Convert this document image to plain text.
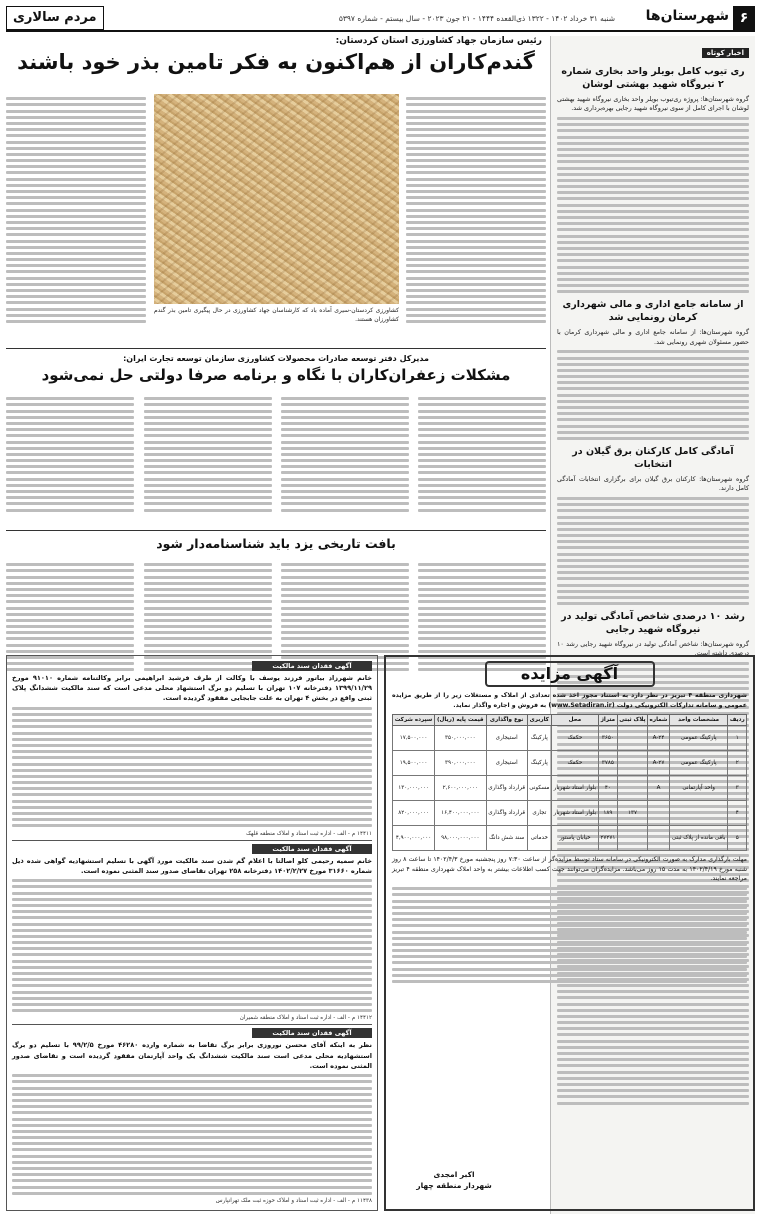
۶
شهرستان‌ها
شنبه ۳۱ خرداد ۱۴۰۲ - ۱۳۲۲ ذی‌القعده ۱۴۴۴ - ۲۱ جون ۲۰۲۳ - سال بیستم - شماره ۵۳۹۷
مردم سالاری
اخبار کوتاه
ری تیوب کامل بویلر واحد بخاری شماره ۲ نیروگاه شهید بهشتی لوشان

گروه شهرستان‌ها: پروژه ری‌تیوب بویلر واحد بخاری نیروگاه شهید بهشتی لوشان با اجرای کامل از سوی نیروگاه شهید رجایی بهره‌برداری شد.

از سامانه جامع اداری و مالی شهرداری کرمان رونمایی شد

گروه شهرستان‌ها: از سامانه جامع اداری و مالی شهرداری کرمان با حضور مسئولان شهری رونمایی شد.

آمادگی کامل کارکنان برق گیلان در انتخابات

گروه شهرستان‌ها: کارکنان برق گیلان برای برگزاری انتخابات آمادگی کامل دارند.

رشد ۱۰ درصدی شاخص آمادگی تولید در نیروگاه شهید رجایی

گروه شهرستان‌ها: شاخص آمادگی تولید در نیروگاه شهید رجایی رشد ۱۰ درصدی داشته است.

رئیس سازمان جهاد کشاورزی استان کردستان:
گندم‌کاران از هم‌اکنون به فکر تامین بذر خود باشند
کشاورزی کردستان-سیری آماده باد که کارشناسان جهاد کشاورزی در حال پیگیری تامین بذر گندم کشاورزان هستند.
مدیرکل دفتر توسعه صادرات محصولات کشاورزی سازمان توسعه تجارت ایران:
مشکلات زعفران‌کاران با نگاه و برنامه صرفا دولتی حل نمی‌شود
بافت تاریخی یزد باید شناسنامه‌دار شود
آگهی فقدان سند مالکیت
خانم شهرزاد بیاتور فرزند یوسف با وکالت از طرف فرشید ابراهیمی برابر وکالتنامه شماره ۹۱۰۱۰ مورخ ۱۳۹۹/۱۱/۲۹ دفترخانه ۱۰۷ تهران با تسلیم دو برگ استشهاد محلی مدعی است که سند مالکیت ششدانگ پلاک ثبتی واقع در بخش ۴ تهران به علت جابجایی مفقود گردیده است.
۱۴۴۱۱ م - الف - اداره ثبت اسناد و املاک منطقه قلهک
آگهی فقدان سند مالکیت
خانم سمیه رحیمی کلو اصالتا با اعلام گم شدن سند مالکیت مورد آگهی با تسلیم استشهادیه گواهی شده ذیل شماره ۳۱۶۶۰ مورخ ۱۴۰۲/۲/۲۷ دفترخانه ۲۵۸ تهران تقاضای صدور سند المثنی نموده است.
۱۴۴۱۲ م - الف - اداره ثبت اسناد و املاک منطقه شمیران
آگهی فقدان سند مالکیت
نظر به اینکه آقای محسن نوروزی برابر برگ تقاضا به شماره وارده ۴۶۲۸۰ مورخ ۹۹/۲/۵ با تسلیم دو برگ استشهادیه محلی مدعی است سند مالکیت ششدانگ یک واحد آپارتمان مفقود گردیده است و تقاضای صدور المثنی نموده است.
۱۱۴۳۸ م - الف - اداره ثبت اسناد و املاک حوزه ثبت ملک تهرانپارس
آگهی مزایده
شهرداری منطقه ۴ تبریز در نظر دارد به استناد مجوز اخذ شده تعدادی از املاک و مستغلات زیر را از طریق مزایده عمومی و سامانه تدارکات الکترونیکی دولت (www.Setadiran.ir) به فروش و اجاره واگذار نماید.
ردیف	مشخصات واحد	شماره	پلاک ثبتی	متراژ	محل	کاربری	نوع واگذاری	قیمت پایه (ریال)	سپرده شرکت
۱	پارکینگ عمومی	A-۲۴		۳۶۵۰	حکمک	پارکینگ	استیجاری	۳۵۰,۰۰۰,۰۰۰	۱۷,۵۰۰,۰۰۰
۲	پارکینگ عمومی	A-۲۷		۳۷۸۵	حکمک	پارکینگ	استیجاری	۳۹۰,۰۰۰,۰۰۰	۱۹,۵۰۰,۰۰۰
۳	واحد آپارتمانی	A		۴۰	بلوار استاد شهریار	مسکونی	قرارداد واگذاری	۲,۶۰۰,۰۰۰,۰۰۰	۱۳۰,۰۰۰,۰۰۰
۴			۱۳۷	۱۸۹	بلوار استاد شهریار	تجاری	قرارداد واگذاری	۱۶,۴۰۰,۰۰۰,۰۰۰	۸۲۰,۰۰۰,۰۰۰
۵	باقی مانده از پلاک ثبتی			۲۷۲۷۱	خیابان پاستور	خدماتی	سند شش دانگ	۹۸,۰۰۰,۰۰۰,۰۰۰	۴,۹۰۰,۰۰۰,۰۰۰
مهلت بارگذاری مدارک به صورت الکترونیکی در سامانه ستاد توسط مزایده‌گر از ساعت ۷:۳۰ روز پنجشنبه مورخ ۱۴۰۲/۴/۳ تا ساعت ۸ روز شنبه مورخ ۱۴۰۲/۴/۱۹ به مدت ۱۵ روز می‌باشد. مزایده‌گران می‌توانند جهت کسب اطلاعات بیشتر به واحد املاک شهرداری منطقه ۴ تبریز مراجعه نمایند.
اکبر امجدی
شهردار منطقه چهار
